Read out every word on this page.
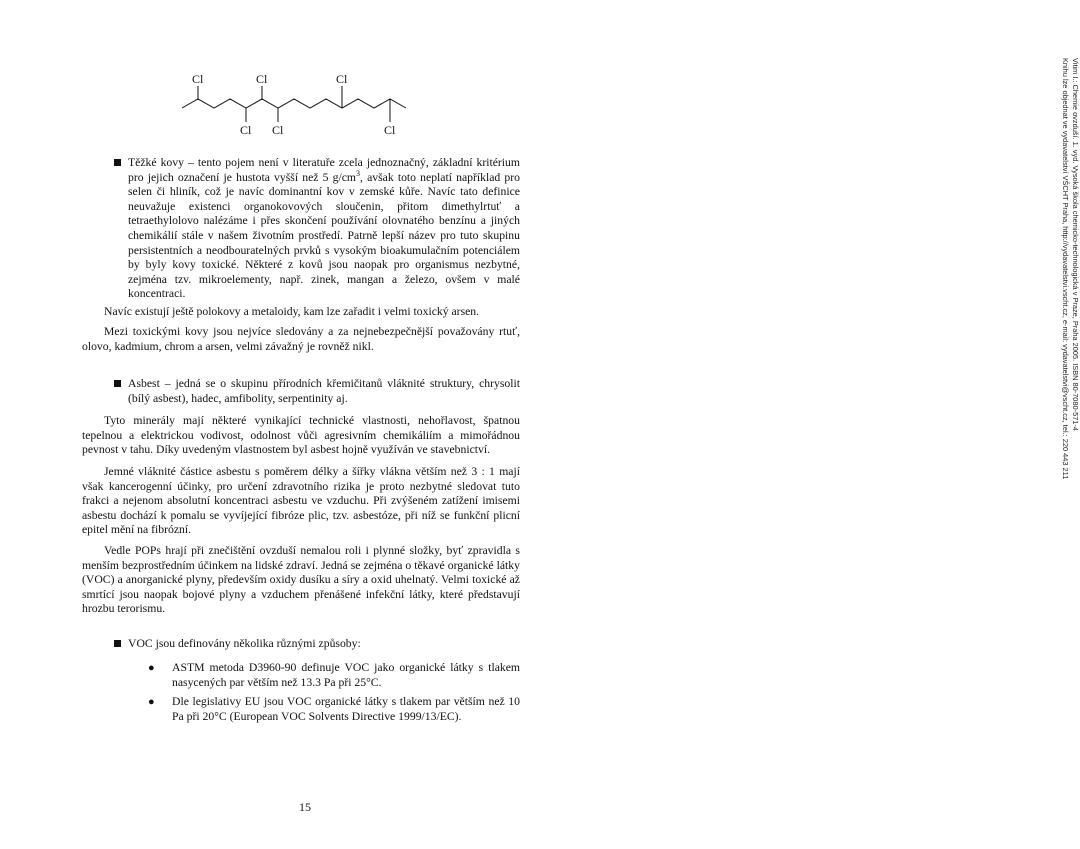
Cl	Cl	Cl
Cl Cl	Cl
Těžké kovy – tento pojem není v literatuře zcela jednoznačný, základní kritérium pro jejich označení je hustota vyšší než 5 $g/cm^3$, avšak toto neplatí například pro selen či hliník, což je navíc dominantní kov v zemské kůře. Navíc tato definice neuvažuje existenci organokovových sloučenin, přitom dimethylrtuť a tetraethylolovo nalézáme i přes skončení používání olovnatého benzínu a jiných chemikálií stále v našem životním prostředí. Patrně lepší název pro tuto skupinu persistentních a neodbouratelných prvků s vysokým bioakumulačním potenciálem by byly kovy toxické. Některé z kovů jsou naopak pro organismus nezbytné, zejména tzv. mikroelementy, např. zinek, mangan a železo, ovšem v malé koncentraci.
Navíc existují ještě polokovy a metaloidy, kam lze zařadit i velmi toxický arsen.
Mezi toxickými kovy jsou nejvíce sledovány a za nejnebezpečnější považovány rtuť, olovo, kadmium, chrom a arsen, velmi závažný je rovněž nikl.
Asbest – jedná se o skupinu přírodních křemičitanů vláknité struktury, chrysolit (bílý asbest), hadec, amfibolity, serpentinity aj.
Tyto minerály mají některé vynikající technické vlastnosti, nehořlavost, špatnou tepelnou a elektrickou vodivost, odolnost vůči agresivním chemikáliím a mimořádnou pevnost v tahu. Díky uvedeným vlastnostem byl asbest hojně využíván ve stavebnictví.
Jemné vláknité částice asbestu s poměrem délky a šířky vlákna větším než 3 : 1 mají však kancerogenní účinky, pro určení zdravotního rizika je proto nezbytné sledovat tuto frakci a nejenom absolutní koncentraci asbestu ve vzduchu. Při zvýšeném zatížení imisemi asbestu dochází k pomalu se vyvíjející fibróze plic, tzv. asbestóze, při níž se funkční plicní epitel mění na fibrózní.
Vedle POPs hrají při znečištění ovzduší nemalou roli i plynné složky, byť zpravidla s menším bezprostředním účinkem na lidské zdraví. Jedná se zejména o těkavé organické látky (VOC) a anorganické plyny, především oxidy dusíku a síry a oxid uhelnatý. Velmi toxické až smrtící jsou naopak bojové plyny a vzduchem přenášené infekční látky, které představují hrozbu terorismu.
VOC jsou definovány několika různými způsoby:
● ASTM metoda D3960-90 definuje VOC jako organické látky s tlakem nasycených par větším než 13.3 Pa při 25°C.
● Dle legislativy EU jsou VOC organické látky s tlakem par větším než 10 Pa při 20°C (European VOC Solvents Directive 1999/13/EC).
Vitim I.: Chemie ovzduší. 1. vyd. Vysoká škola chemicko-technologická v Praze, Praha 2005. ISBN 80-7080-571-4
Knihu lze objednat ve vydavatelství VŠCHT Praha, http://vydavatelstvi.vscht.cz, e-mail: vydavatelstvi@vscht.cz, tel.: 220 443 211
15
